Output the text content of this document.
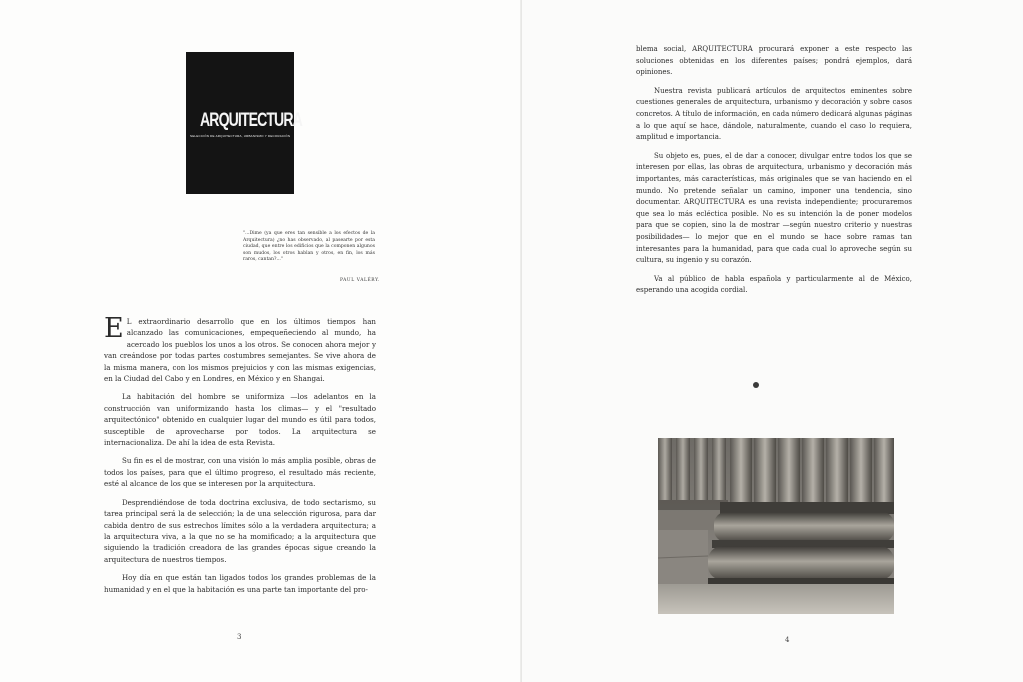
ARQUITECTURA
SELECCIÓN DE ARQUITECTURA, URBANISMO Y DECORACIÓN
"...Dime (ya que eres tan sensible a los efectos de la Arquitectura) ¿no has observado, al pasearte por esta ciudad, que entre los edificios que la componen algunos son mudos, los otros hablan y otros, en fin, los más raros, cantan?..."
PAUL VALÉRY.

E L extraordinario desarrollo que en los últimos tiempos han alcanzado las comunicaciones, empequeñeciendo al mundo, ha acercado los pueblos los unos a los otros. Se conocen ahora mejor y van creándose por todas partes costumbres semejantes. Se vive ahora de la misma manera, con los mismos prejuicios y con las mismas exigencias, en la Ciudad del Cabo y en Londres, en México y en Shangai.

La habitación del hombre se uniformiza —los adelantos en la construcción van uniformizando hasta los climas— y el "resultado arquitectónico" obtenido en cualquier lugar del mundo es útil para todos, susceptible de aprovecharse por todos. La arquitectura se internacionaliza. De ahí la idea de esta Revista.

Su fin es el de mostrar, con una visión lo más amplia posible, obras de todos los países, para que el último progreso, el resultado más reciente, esté al alcance de los que se interesen por la arquitectura.

Desprendiéndose de toda doctrina exclusiva, de todo sectarismo, su tarea principal será la de selección; la de una selección rigurosa, para dar cabida dentro de sus estrechos límites sólo a la verdadera arquitectura; a la arquitectura viva, a la que no se ha momificado; a la arquitectura que siguiendo la tradición creadora de las grandes épocas sigue creando la arquitectura de nuestros tiempos.

Hoy día en que están tan ligados todos los grandes problemas de la humanidad y en el que la habitación es una parte tan importante del pro-

3

blema social, ARQUITECTURA procurará exponer a este respecto las soluciones obtenidas en los diferentes países; pondrá ejemplos, dará opiniones.

Nuestra revista publicará artículos de arquitectos eminentes sobre cuestiones generales de arquitectura, urbanismo y decoración y sobre casos concretos. A título de información, en cada número dedicará algunas páginas a lo que aquí se hace, dándole, naturalmente, cuando el caso lo requiera, amplitud e importancia.

Su objeto es, pues, el de dar a conocer, divulgar entre todos los que se interesen por ellas, las obras de arquitectura, urbanismo y decoración más importantes, más características, más originales que se van haciendo en el mundo. No pretende señalar un camino, imponer una tendencia, sino documentar. ARQUITECTURA es una revista independiente; procuraremos que sea lo más ecléctica posible. No es su intención la de poner modelos para que se copien, sino la de mostrar —según nuestro criterio y nuestras posibilidades— lo mejor que en el mundo se hace sobre ramas tan interesantes para la humanidad, para que cada cual lo aproveche según su cultura, su ingenio y su corazón.

Va al público de habla española y particularmente al de México, esperando una acogida cordial.

4
